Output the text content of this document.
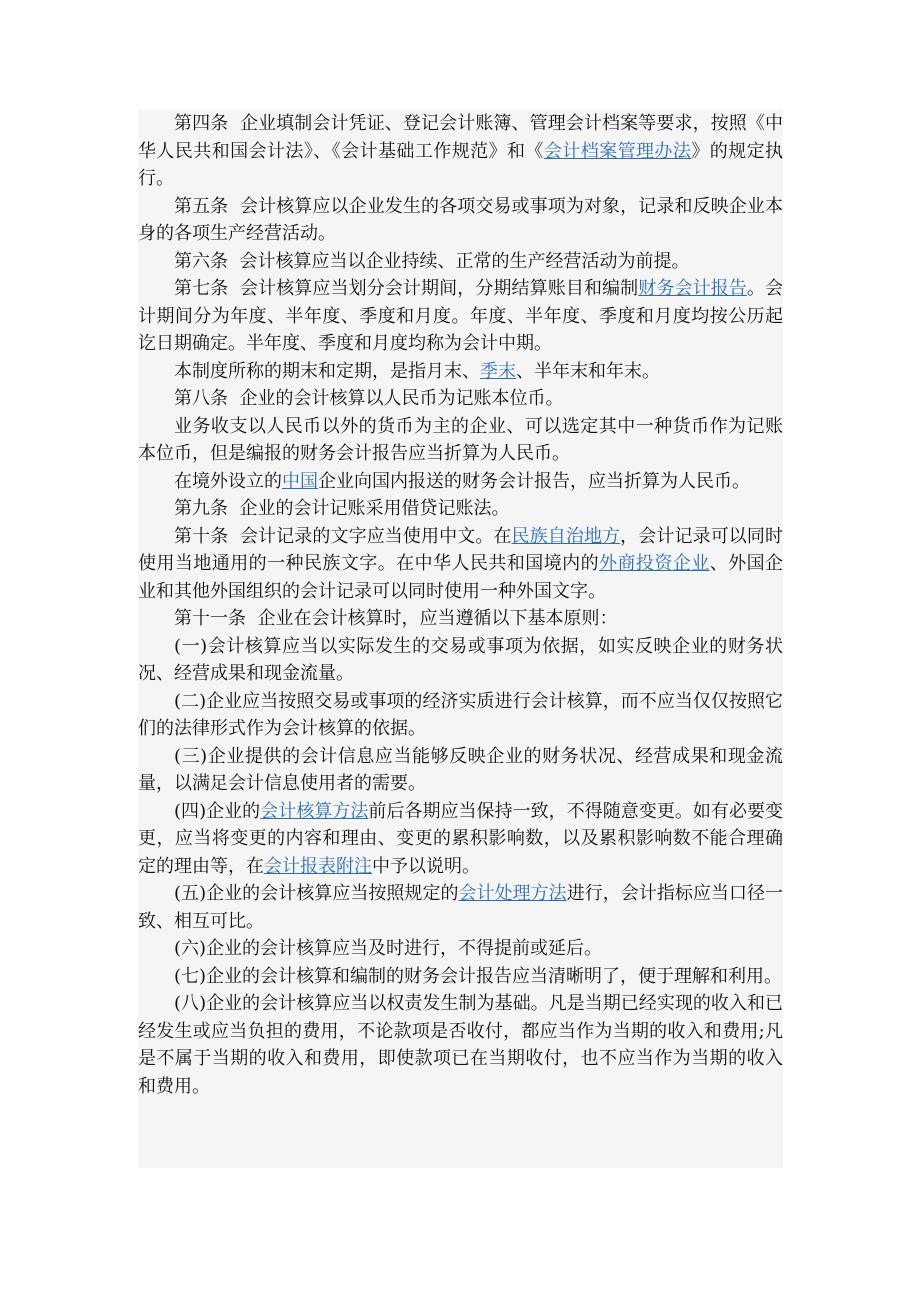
第四条  企业填制会计凭证、登记会计账簿、管理会计档案等要求，按照《中华人民共和国会计法》、《会计基础工作规范》和《会计档案管理办法》的规定执行。

第五条  会计核算应以企业发生的各项交易或事项为对象，记录和反映企业本身的各项生产经营活动。

第六条  会计核算应当以企业持续、正常的生产经营活动为前提。

第七条  会计核算应当划分会计期间，分期结算账目和编制财务会计报告。会计期间分为年度、半年度、季度和月度。年度、半年度、季度和月度均按公历起讫日期确定。半年度、季度和月度均称为会计中期。

本制度所称的期末和定期，是指月末、季末、半年末和年末。

第八条  企业的会计核算以人民币为记账本位币。

业务收支以人民币以外的货币为主的企业、可以选定其中一种货币作为记账本位币，但是编报的财务会计报告应当折算为人民币。

在境外设立的中国企业向国内报送的财务会计报告，应当折算为人民币。

第九条  企业的会计记账采用借贷记账法。

第十条  会计记录的文字应当使用中文。在民族自治地方，会计记录可以同时使用当地通用的一种民族文字。在中华人民共和国境内的外商投资企业、外国企业和其他外国组织的会计记录可以同时使用一种外国文字。

第十一条  企业在会计核算时，应当遵循以下基本原则：

(一)会计核算应当以实际发生的交易或事项为依据，如实反映企业的财务状况、经营成果和现金流量。

(二)企业应当按照交易或事项的经济实质进行会计核算，而不应当仅仅按照它们的法律形式作为会计核算的依据。

(三)企业提供的会计信息应当能够反映企业的财务状况、经营成果和现金流量，以满足会计信息使用者的需要。

(四)企业的会计核算方法前后各期应当保持一致，不得随意变更。如有必要变更，应当将变更的内容和理由、变更的累积影响数，以及累积影响数不能合理确定的理由等，在会计报表附注中予以说明。

(五)企业的会计核算应当按照规定的会计处理方法进行，会计指标应当口径一致、相互可比。

(六)企业的会计核算应当及时进行，不得提前或延后。

(七)企业的会计核算和编制的财务会计报告应当清晰明了，便于理解和利用。

(八)企业的会计核算应当以权责发生制为基础。凡是当期已经实现的收入和已经发生或应当负担的费用，不论款项是否收付，都应当作为当期的收入和费用;凡是不属于当期的收入和费用，即使款项已在当期收付，也不应当作为当期的收入和费用。
